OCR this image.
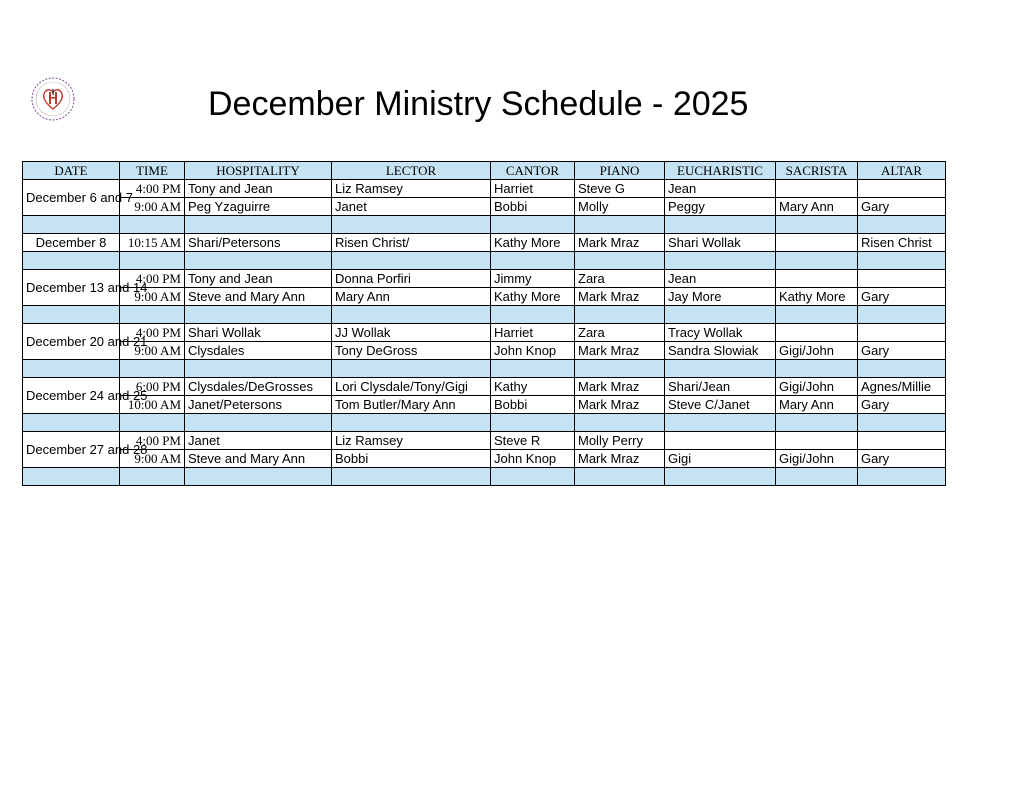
December Ministry Schedule - 2025
DATE	TIME	HOSPITALITY	LECTOR	CANTOR	PIANO	EUCHARISTIC	SACRISTA	ALTAR
December 6 and 7	4:00 PM	Tony and Jean	Liz Ramsey	Harriet	Steve G	Jean		
	9:00 AM	Peg Yzaguirre	Janet	Bobbi	Molly	Peggy	Mary Ann	Gary

December 8	10:15 AM	Shari/Petersons	Risen Christ/	Kathy More	Mark Mraz	Shari Wollak		Risen Christ

December 13 and 14	4:00 PM	Tony and Jean	Donna Porfiri	Jimmy	Zara	Jean		
	9:00 AM	Steve and Mary Ann	Mary Ann	Kathy More	Mark Mraz	Jay More	Kathy More	Gary

December 20 and 21	4:00 PM	Shari Wollak	JJ Wollak	Harriet	Zara	Tracy Wollak		
	9:00 AM	Clysdales	Tony DeGross	John Knop	Mark Mraz	Sandra Slowiak	Gigi/John	Gary

December 24 and 25	6:00 PM	Clysdales/DeGrosses	Lori Clysdale/Tony/Gigi	Kathy	Mark Mraz	Shari/Jean	Gigi/John	Agnes/Millie
	10:00 AM	Janet/Petersons	Tom Butler/Mary Ann	Bobbi	Mark Mraz	Steve C/Janet	Mary Ann	Gary

December 27 and 28	4:00 PM	Janet	Liz Ramsey	Steve R	Molly Perry			
	9:00 AM	Steve and Mary Ann	Bobbi	John Knop	Mark Mraz	Gigi	Gigi/John	Gary
